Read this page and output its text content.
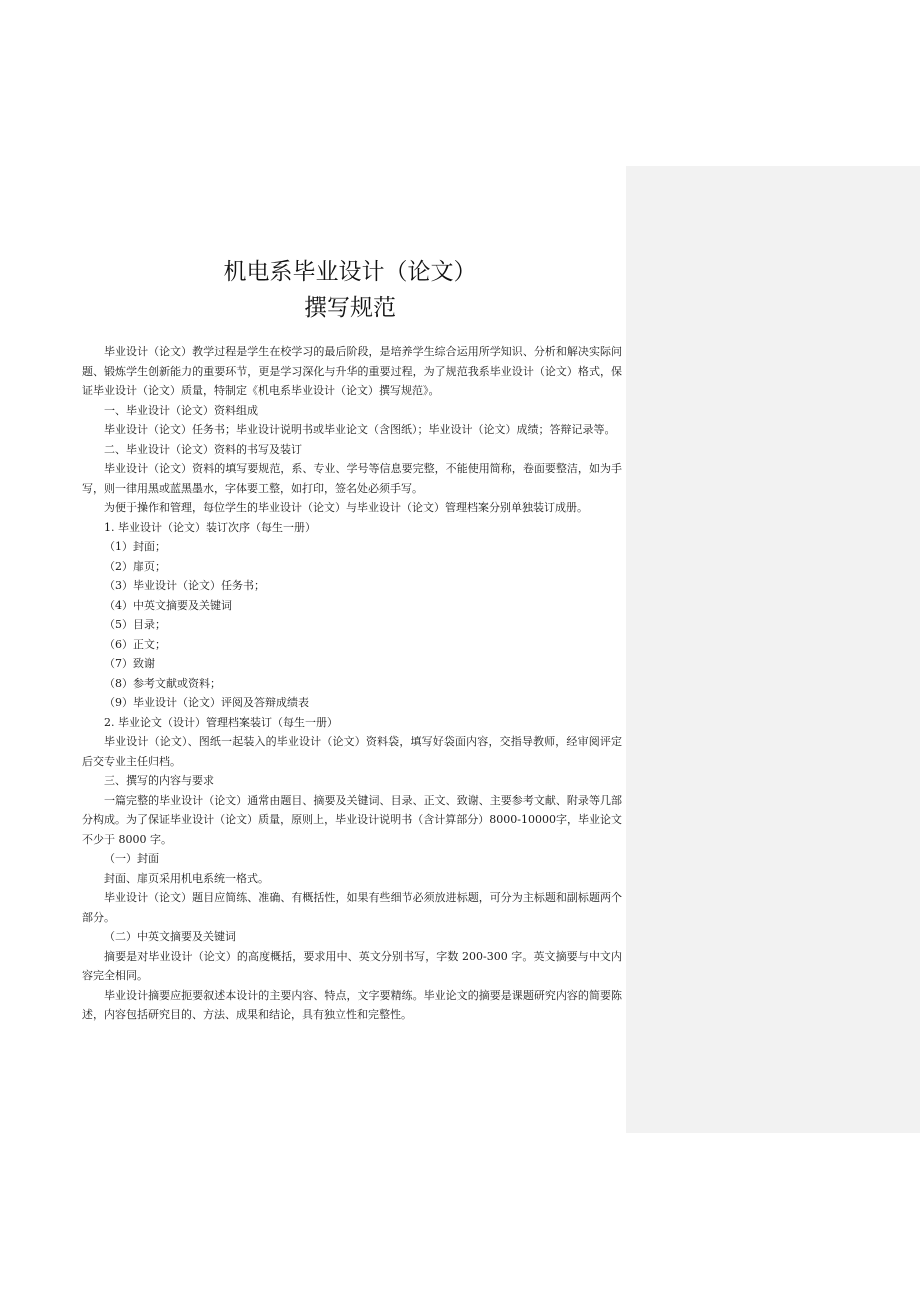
机电系毕业设计（论文）
撰写规范

毕业设计（论文）教学过程是学生在校学习的最后阶段，是培养学生综合运用所学知识、分析和解决实际问题、锻炼学生创新能力的重要环节，更是学习深化与升华的重要过程，为了规范我系毕业设计（论文）格式，保证毕业设计（论文）质量，特制定《机电系毕业设计（论文）撰写规范》。

一、毕业设计（论文）资料组成

毕业设计（论文）任务书；毕业设计说明书或毕业论文（含图纸）；毕业设计（论文）成绩；答辩记录等。

二、毕业设计（论文）资料的书写及装订

毕业设计（论文）资料的填写要规范，系、专业、学号等信息要完整，不能使用简称，卷面要整洁，如为手写，则一律用黑或蓝黑墨水，字体要工整，如打印，签名处必须手写。

为便于操作和管理，每位学生的毕业设计（论文）与毕业设计（论文）管理档案分别单独装订成册。

1. 毕业设计（论文）装订次序（每生一册）

（1）封面；

（2）扉页；

（3）毕业设计（论文）任务书；

（4）中英文摘要及关键词

（5）目录；

（6）正文；

（7）致谢

（8）参考文献或资料；

（9）毕业设计（论文）评阅及答辩成绩表

2. 毕业论文（设计）管理档案装订（每生一册）

毕业设计（论文）、图纸一起装入的毕业设计（论文）资料袋，填写好袋面内容，交指导教师，经审阅评定后交专业主任归档。

三、撰写的内容与要求

一篇完整的毕业设计（论文）通常由题目、摘要及关键词、目录、正文、致谢、主要参考文献、附录等几部分构成。为了保证毕业设计（论文）质量，原则上，毕业设计说明书（含计算部分）8000-10000字，毕业论文不少于 8000 字。

（一）封面

封面、扉页采用机电系统一格式。

毕业设计（论文）题目应简练、准确、有概括性，如果有些细节必须放进标题，可分为主标题和副标题两个部分。

（二）中英文摘要及关键词

摘要是对毕业设计（论文）的高度概括，要求用中、英文分别书写，字数 200-300 字。英文摘要与中文内容完全相同。

毕业设计摘要应扼要叙述本设计的主要内容、特点，文字要精练。毕业论文的摘要是课题研究内容的简要陈述，内容包括研究目的、方法、成果和结论，具有独立性和完整性。
